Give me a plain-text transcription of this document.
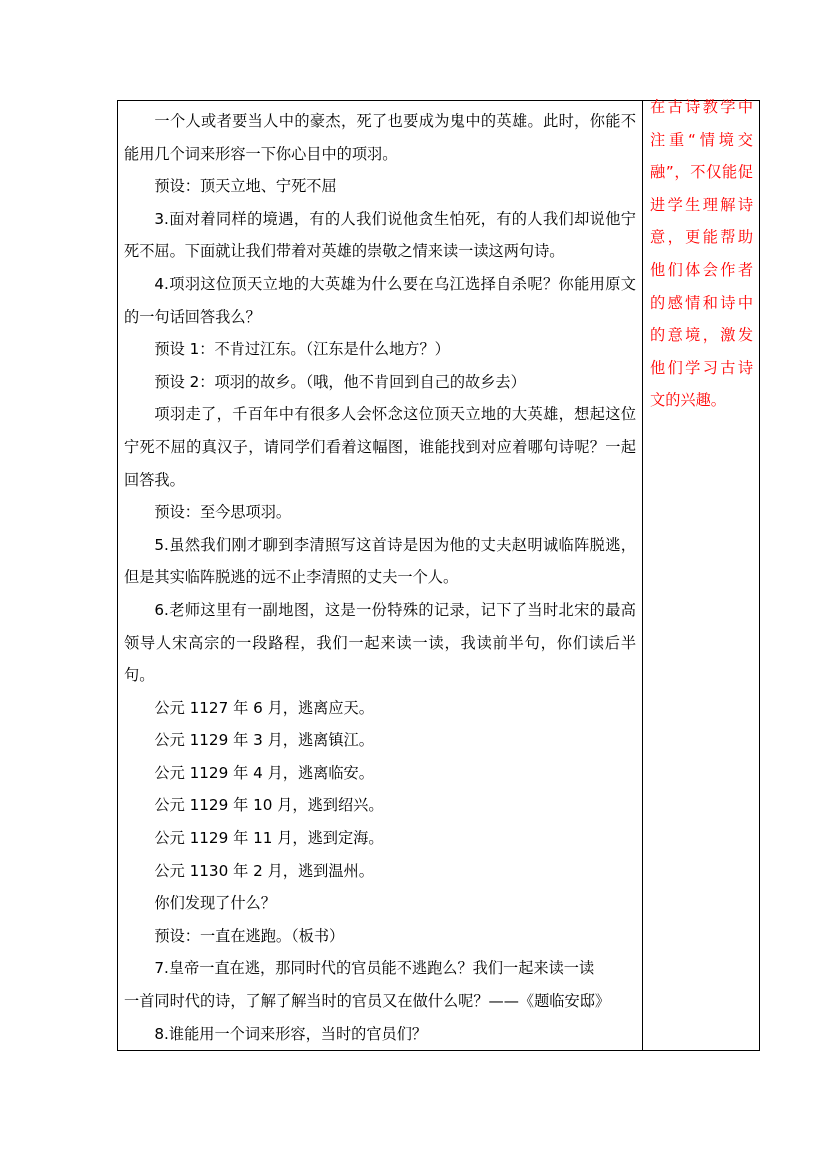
一个人或者要当人中的豪杰，死了也要成为鬼中的英雄。此时，你能不能用几个词来形容一下你心目中的项羽。

预设：顶天立地、宁死不屈

3.面对着同样的境遇，有的人我们说他贪生怕死，有的人我们却说他宁死不屈。下面就让我们带着对英雄的崇敬之情来读一读这两句诗。

4.项羽这位顶天立地的大英雄为什么要在乌江选择自杀呢？你能用原文的一句话回答我么？

预设 1：不肯过江东。（江东是什么地方？）

预设 2：项羽的故乡。（哦，他不肯回到自己的故乡去）

项羽走了，千百年中有很多人会怀念这位顶天立地的大英雄，想起这位宁死不屈的真汉子，请同学们看着这幅图，谁能找到对应着哪句诗呢？一起回答我。

预设：至今思项羽。

5.虽然我们刚才聊到李清照写这首诗是因为他的丈夫赵明诚临阵脱逃，但是其实临阵脱逃的远不止李清照的丈夫一个人。

6.老师这里有一副地图，这是一份特殊的记录，记下了当时北宋的最高领导人宋高宗的一段路程，我们一起来读一读，我读前半句，你们读后半句。

公元 1127 年 6 月，逃离应天。

公元 1129 年 3 月，逃离镇江。

公元 1129 年 4 月，逃离临安。

公元 1129 年 10 月，逃到绍兴。

公元 1129 年 11 月，逃到定海。

公元 1130 年 2 月，逃到温州。

你们发现了什么？

预设：一直在逃跑。（板书）

7.皇帝一直在逃，那同时代的官员能不逃跑么？我们一起来读一读

一首同时代的诗，了解了解当时的官员又在做什么呢？——《题临安邸》

8.谁能用一个词来形容，当时的官员们？

在古诗教学中注重“情境交融”，不仅能促进学生理解诗意，更能帮助他们体会作者的感情和诗中的意境，激发他们学习古诗文的兴趣。
